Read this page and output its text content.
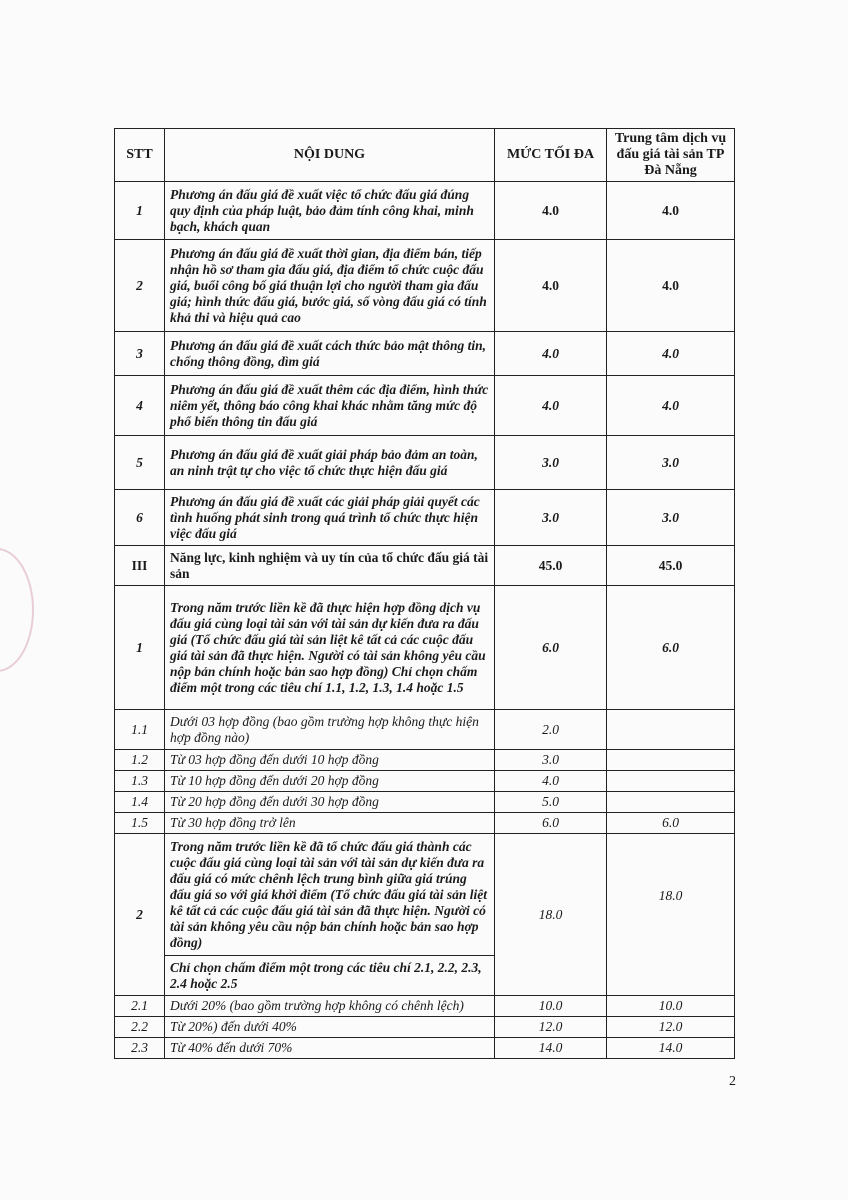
STT	NỘI DUNG	MỨC TỐI ĐA	Trung tâm dịch vụ đấu giá tài sản TP Đà Nẵng
1	Phương án đấu giá đề xuất việc tổ chức đấu giá đúng quy định của pháp luật, bảo đảm tính công khai, minh bạch, khách quan	4.0	4.0
2	Phương án đấu giá đề xuất thời gian, địa điểm bán, tiếp nhận hồ sơ tham gia đấu giá, địa điểm tổ chức cuộc đấu giá, buổi công bố giá thuận lợi cho người tham gia đấu giá; hình thức đấu giá, bước giá, số vòng đấu giá có tính khả thi và hiệu quả cao	4.0	4.0
3	Phương án đấu giá đề xuất cách thức bảo mật thông tin, chống thông đồng, dìm giá	4.0	4.0
4	Phương án đấu giá đề xuất thêm các địa điểm, hình thức niêm yết, thông báo công khai khác nhằm tăng mức độ phổ biến thông tin đấu giá	4.0	4.0
5	Phương án đấu giá đề xuất giải pháp bảo đảm an toàn, an ninh trật tự cho việc tổ chức thực hiện đấu giá	3.0	3.0
6	Phương án đấu giá đề xuất các giải pháp giải quyết các tình huống phát sinh trong quá trình tổ chức thực hiện việc đấu giá	3.0	3.0
III	Năng lực, kinh nghiệm và uy tín của tổ chức đấu giá tài sản	45.0	45.0
1	Trong năm trước liền kề đã thực hiện hợp đồng dịch vụ đấu giá cùng loại tài sản với tài sản dự kiến đưa ra đấu giá (Tổ chức đấu giá tài sản liệt kê tất cả các cuộc đấu giá tài sản đã thực hiện. Người có tài sản không yêu cầu nộp bản chính hoặc bản sao hợp đồng) Chỉ chọn chấm điểm một trong các tiêu chí 1.1, 1.2, 1.3, 1.4 hoặc 1.5	6.0	6.0
1.1	Dưới 03 hợp đồng (bao gồm trường hợp không thực hiện hợp đồng nào)	2.0	
1.2	Từ 03 hợp đồng đến dưới 10 hợp đồng	3.0	
1.3	Từ 10 hợp đồng đến dưới 20 hợp đồng	4.0	
1.4	Từ 20 hợp đồng đến dưới 30 hợp đồng	5.0	
1.5	Từ 30 hợp đồng trở lên	6.0	6.0
2	Trong năm trước liền kề đã tổ chức đấu giá thành các cuộc đấu giá cùng loại tài sản với tài sản dự kiến đưa ra đấu giá có mức chênh lệch trung bình giữa giá trúng đấu giá so với giá khởi điểm (Tổ chức đấu giá tài sản liệt kê tất cả các cuộc đấu giá tài sản đã thực hiện. Người có tài sản không yêu cầu nộp bản chính hoặc bản sao hợp đồng)	18.0	18.0
	Chỉ chọn chấm điểm một trong các tiêu chí 2.1, 2.2, 2.3, 2.4 hoặc 2.5		
2.1	Dưới 20% (bao gồm trường hợp không có chênh lệch)	10.0	10.0
2.2	Từ 20%) đến dưới 40%	12.0	12.0
2.3	Từ 40% đến dưới 70%	14.0	14.0
2
